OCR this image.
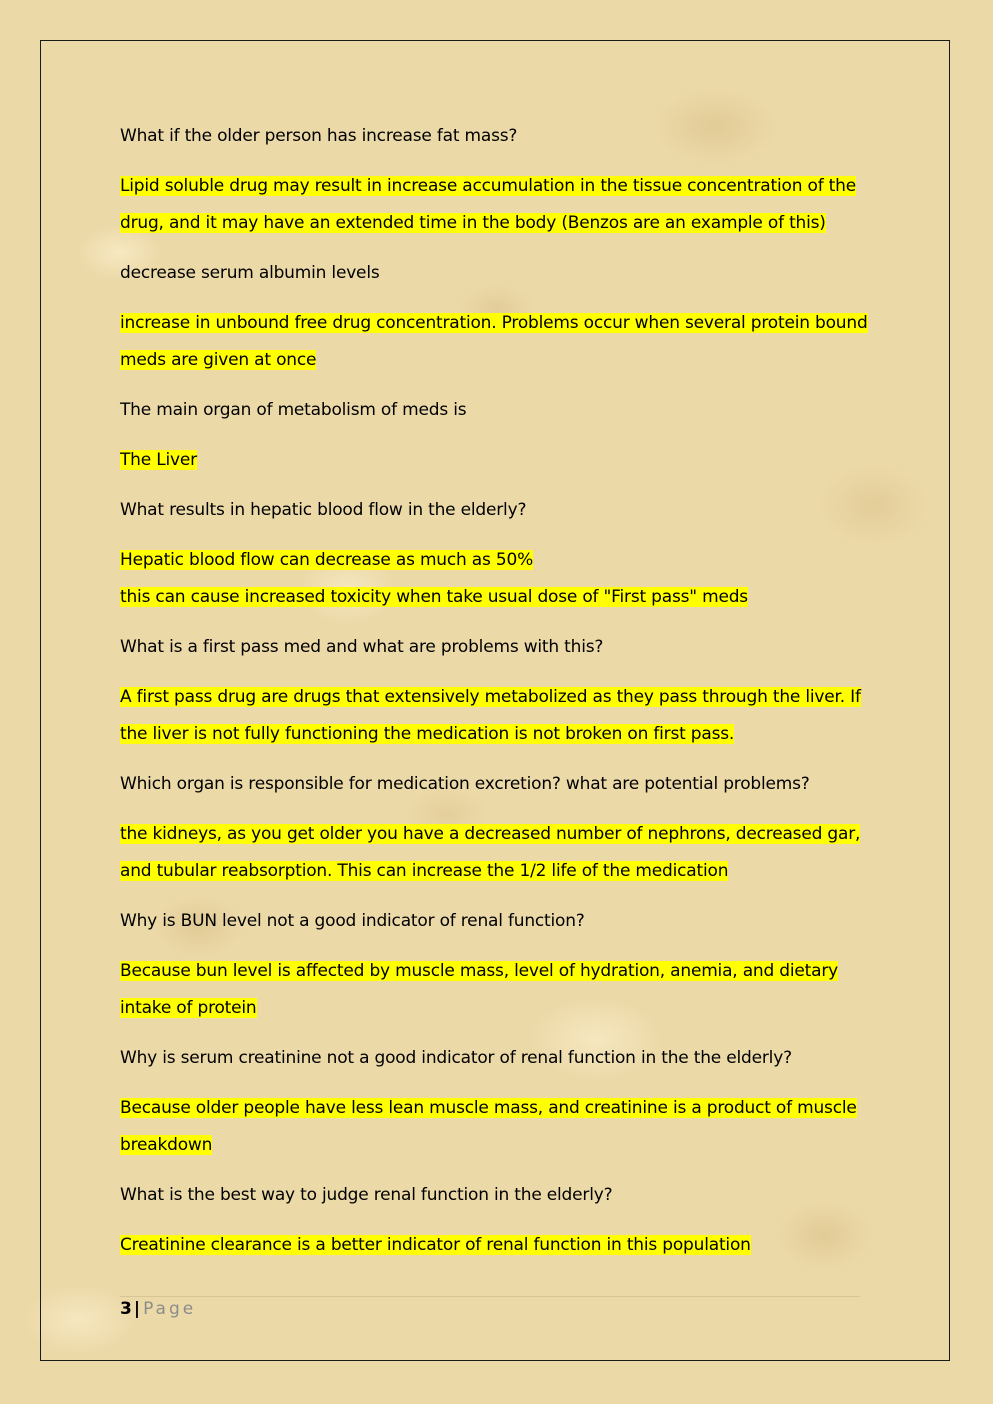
What if the older person has increase fat mass?

Lipid soluble drug may result in increase accumulation in the tissue concentration of the drug, and it may have an extended time in the body (Benzos are an example of this)

decrease serum albumin levels

increase in unbound free drug concentration. Problems occur when several protein bound meds are given at once

The main organ of metabolism of meds is

The Liver

What results in hepatic blood flow in the elderly?

Hepatic blood flow can decrease as much as 50%

this can cause increased toxicity when take usual dose of "First pass" meds

What is a first pass med and what are problems with this?

A first pass drug are drugs that extensively metabolized as they pass through the liver. If the liver is not fully functioning the medication is not broken on first pass.

Which organ is responsible for medication excretion? what are potential problems?

the kidneys, as you get older you have a decreased number of nephrons, decreased gar, and tubular reabsorption. This can increase the 1/2 life of the medication

Why is BUN level not a good indicator of renal function?

Because bun level is affected by muscle mass, level of hydration, anemia, and dietary intake of protein

Why is serum creatinine not a good indicator of renal function in the the elderly?

Because older people have less lean muscle mass, and creatinine is a product of muscle breakdown

What is the best way to judge renal function in the elderly?

Creatinine clearance is a better indicator of renal function in this population

3 | Page
